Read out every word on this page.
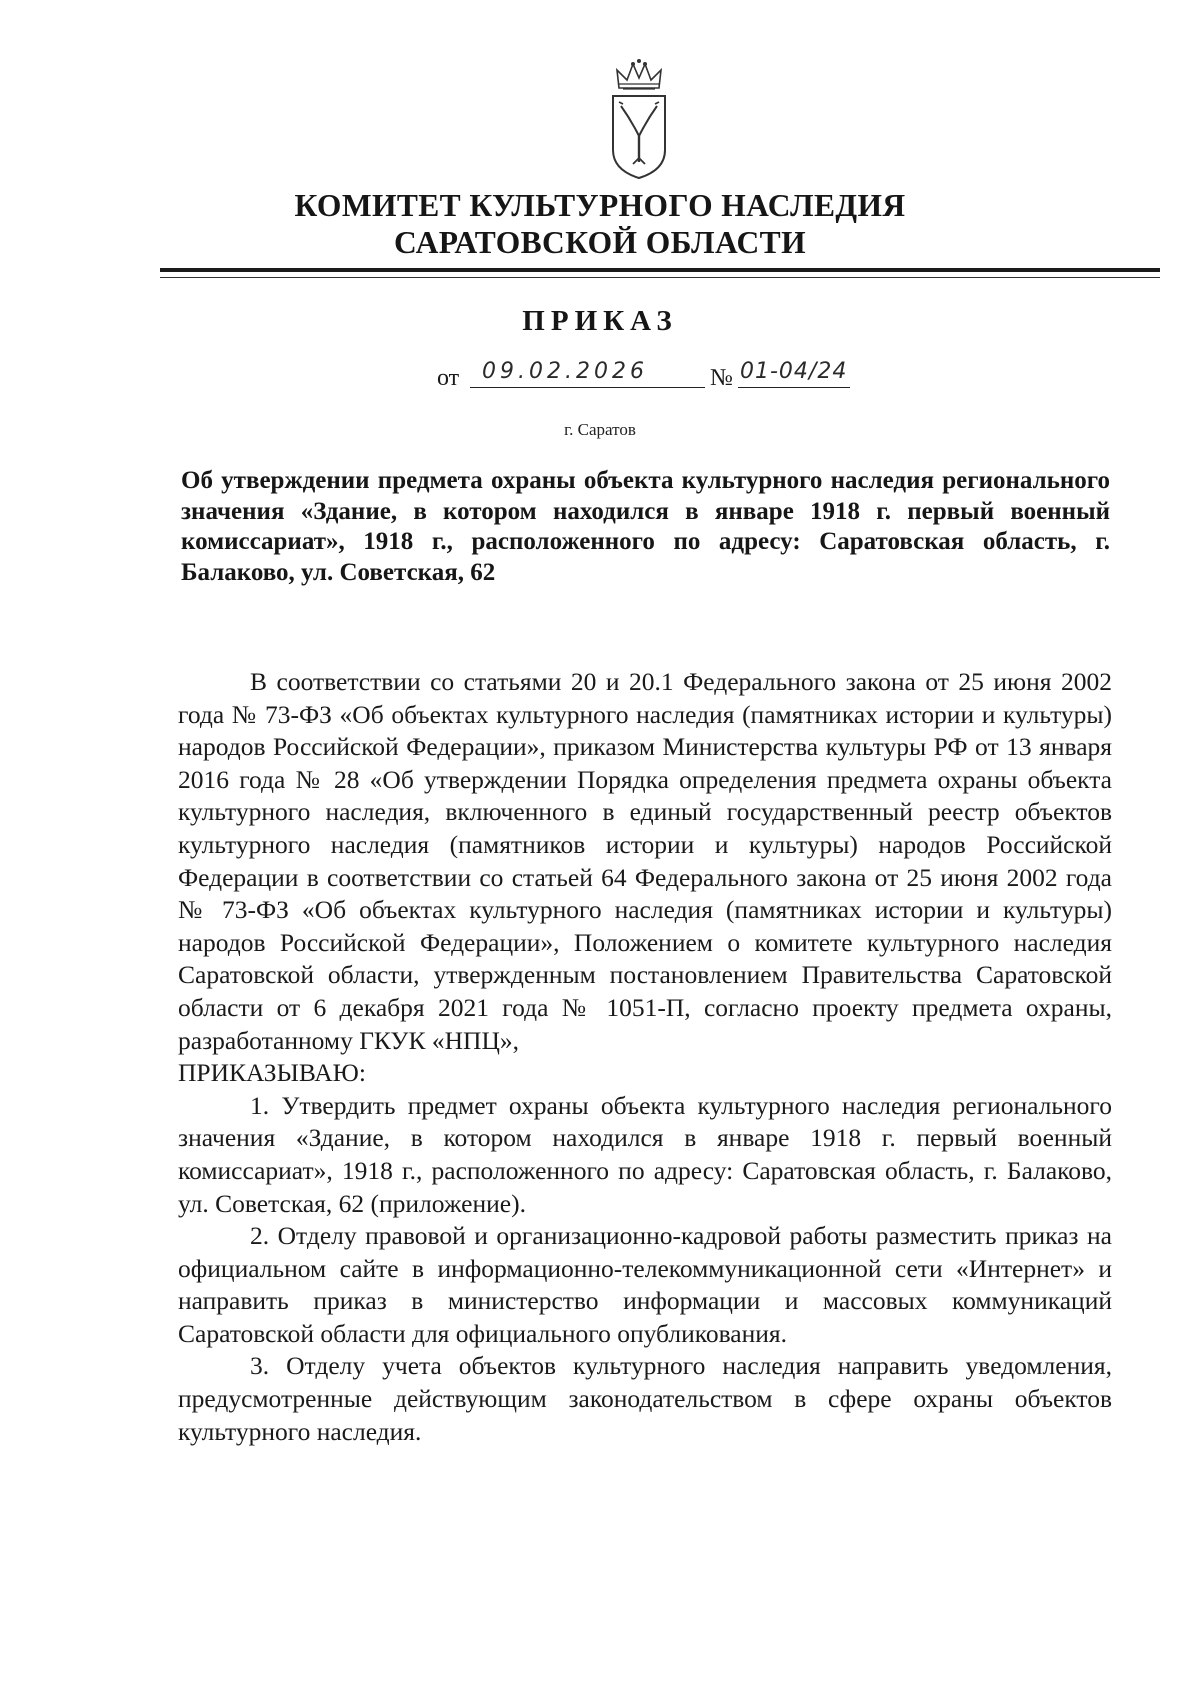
КОМИТЕТ КУЛЬТУРНОГО НАСЛЕДИЯ
САРАТОВСКОЙ ОБЛАСТИ
ПРИКАЗ
от 09.02.2026	№ 01-04/24
г. Саратов
Об утверждении предмета охраны объекта культурного наследия регионального значения «Здание, в котором находился в январе 1918 г. первый военный комиссариат», 1918 г., расположенного по адресу: Саратовская область, г. Балаково, ул. Советская, 62

В соответствии со статьями 20 и 20.1 Федерального закона от 25 июня 2002 года № 73-ФЗ «Об объектах культурного наследия (памятниках истории и культуры) народов Российской Федерации», приказом Министерства культуры РФ от 13 января 2016 года № 28 «Об утверждении Порядка определения предмета охраны объекта культурного наследия, включенного в единый государственный реестр объектов культурного наследия (памятников истории и культуры) народов Российской Федерации в соответствии со статьей 64 Федерального закона от 25 июня 2002 года № 73-ФЗ «Об объектах культурного наследия (памятниках истории и культуры) народов Российской Федерации», Положением о комитете культурного наследия Саратовской области, утвержденным постановлением Правительства Саратовской области от 6 декабря 2021 года № 1051-П, согласно проекту предмета охраны, разработанному ГКУК «НПЦ»,

ПРИКАЗЫВАЮ:

1. Утвердить предмет охраны объекта культурного наследия регионального значения «Здание, в котором находился в январе 1918 г. первый военный комиссариат», 1918 г., расположенного по адресу: Саратовская область, г. Балаково, ул. Советская, 62 (приложение).

2. Отделу правовой и организационно-кадровой работы разместить приказ на официальном сайте в информационно-телекоммуникационной сети «Интернет» и направить приказ в министерство информации и массовых коммуникаций Саратовской области для официального опубликования.

3. Отделу учета объектов культурного наследия направить уведомления, предусмотренные действующим законодательством в сфере охраны объектов культурного наследия.
